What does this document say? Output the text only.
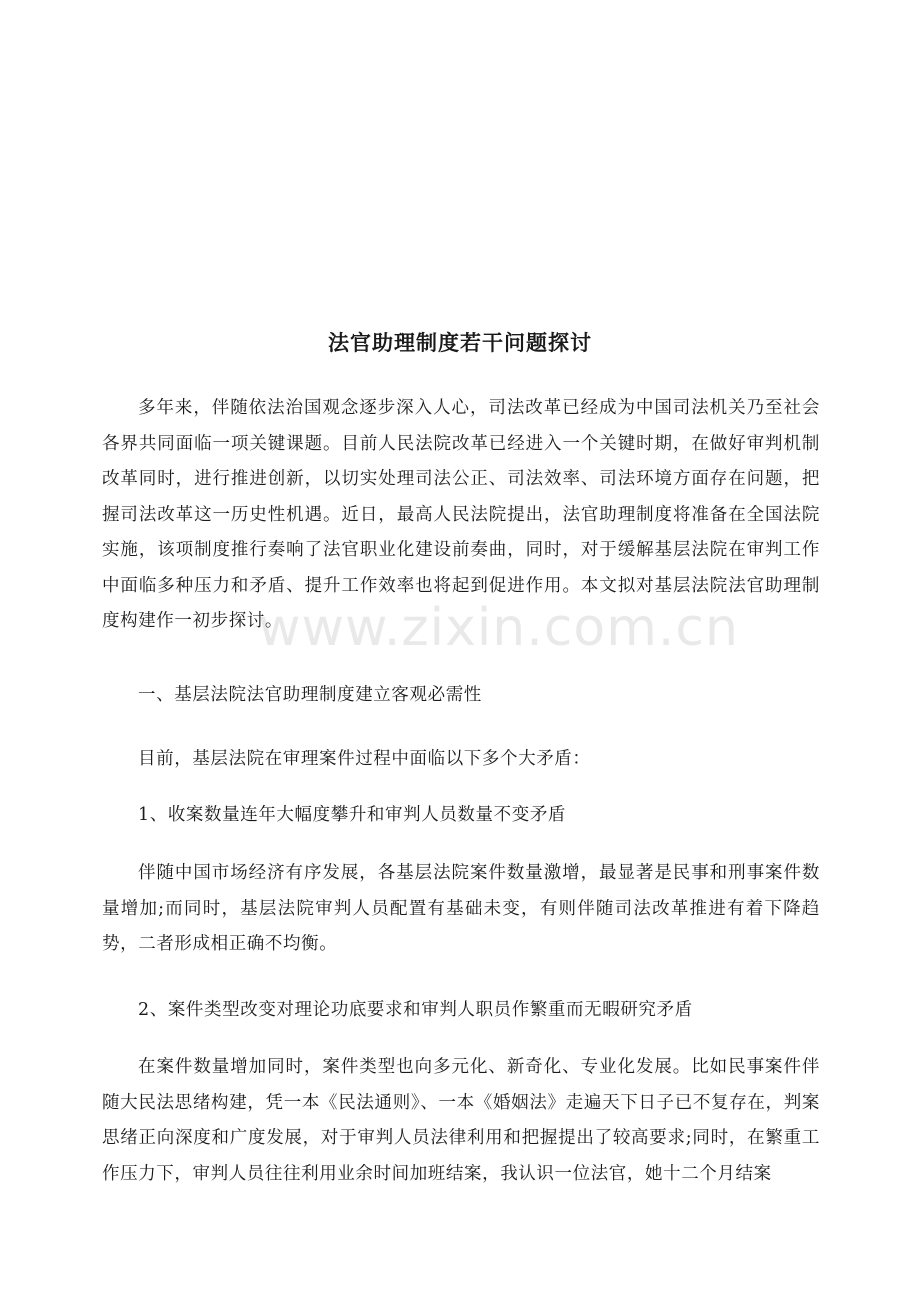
法官助理制度若干问题探讨

多年来，伴随依法治国观念逐步深入人心，司法改革已经成为中国司法机关乃至社会各界共同面临一项关键课题。目前人民法院改革已经进入一个关键时期，在做好审判机制改革同时，进行推进创新，以切实处理司法公正、司法效率、司法环境方面存在问题，把握司法改革这一历史性机遇。近日，最高人民法院提出，法官助理制度将准备在全国法院实施，该项制度推行奏响了法官职业化建设前奏曲，同时，对于缓解基层法院在审判工作中面临多种压力和矛盾、提升工作效率也将起到促进作用。本文拟对基层法院法官助理制度构建作一初步探讨。

一、基层法院法官助理制度建立客观必需性

目前，基层法院在审理案件过程中面临以下多个大矛盾：

1、收案数量连年大幅度攀升和审判人员数量不变矛盾

伴随中国市场经济有序发展，各基层法院案件数量激增，最显著是民事和刑事案件数量增加;而同时，基层法院审判人员配置有基础未变，有则伴随司法改革推进有着下降趋势，二者形成相正确不均衡。

2、案件类型改变对理论功底要求和审判人职员作繁重而无暇研究矛盾

在案件数量增加同时，案件类型也向多元化、新奇化、专业化发展。比如民事案件伴随大民法思绪构建，凭一本《民法通则》、一本《婚姻法》走遍天下日子已不复存在，判案思绪正向深度和广度发展，对于审判人员法律利用和把握提出了较高要求;同时，在繁重工作压力下，审判人员往往利用业余时间加班结案，我认识一位法官，她十二个月结案

www.zixin.com.cn
